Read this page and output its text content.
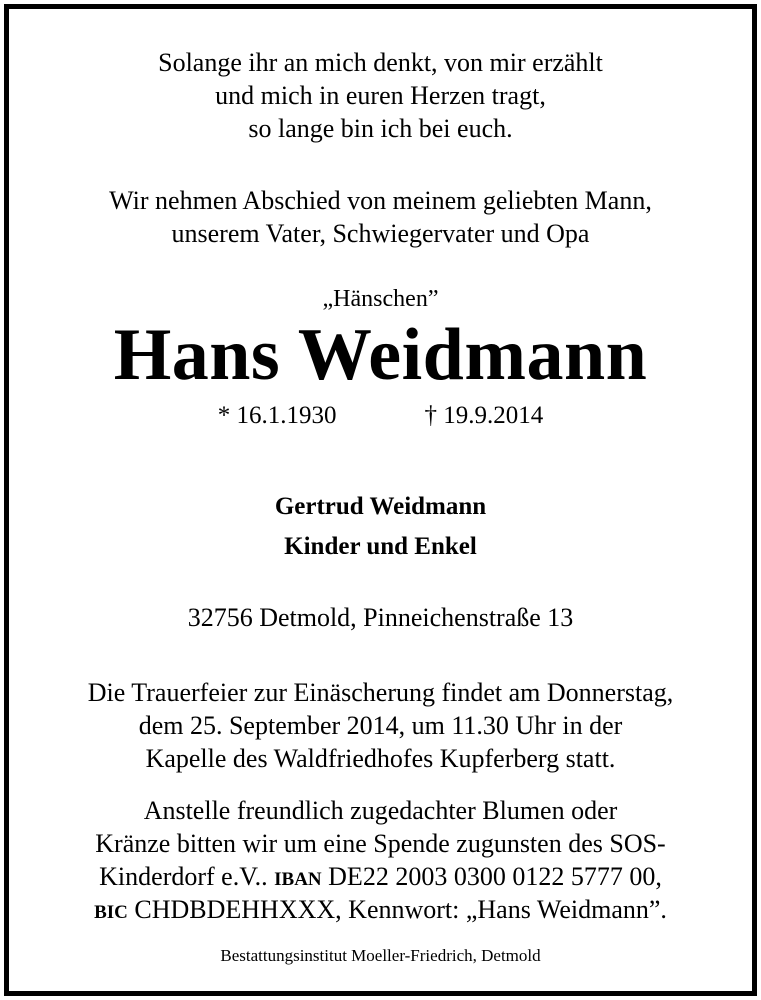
Solange ihr an mich denkt, von mir erzählt
und mich in euren Herzen tragt,
so lange bin ich bei euch.
Wir nehmen Abschied von meinem geliebten Mann,
unserem Vater, Schwiegervater und Opa
„Hänschen”
Hans Weidmann
* 16.1.1930	† 19.9.2014
Gertrud Weidmann
Kinder und Enkel
32756 Detmold, Pinneichenstraße 13
Die Trauerfeier zur Einäscherung findet am Donnerstag,
dem 25. September 2014, um 11.30 Uhr in der
Kapelle des Waldfriedhofes Kupferberg statt.
Anstelle freundlich zugedachter Blumen oder
Kränze bitten wir um eine Spende zugunsten des SOS-
Kinderdorf e.V.. IBAN DE22 2003 0300 0122 5777 00,
BIC CHDBDEHHXXX, Kennwort: „Hans Weidmann”.
Bestattungsinstitut Moeller-Friedrich, Detmold
